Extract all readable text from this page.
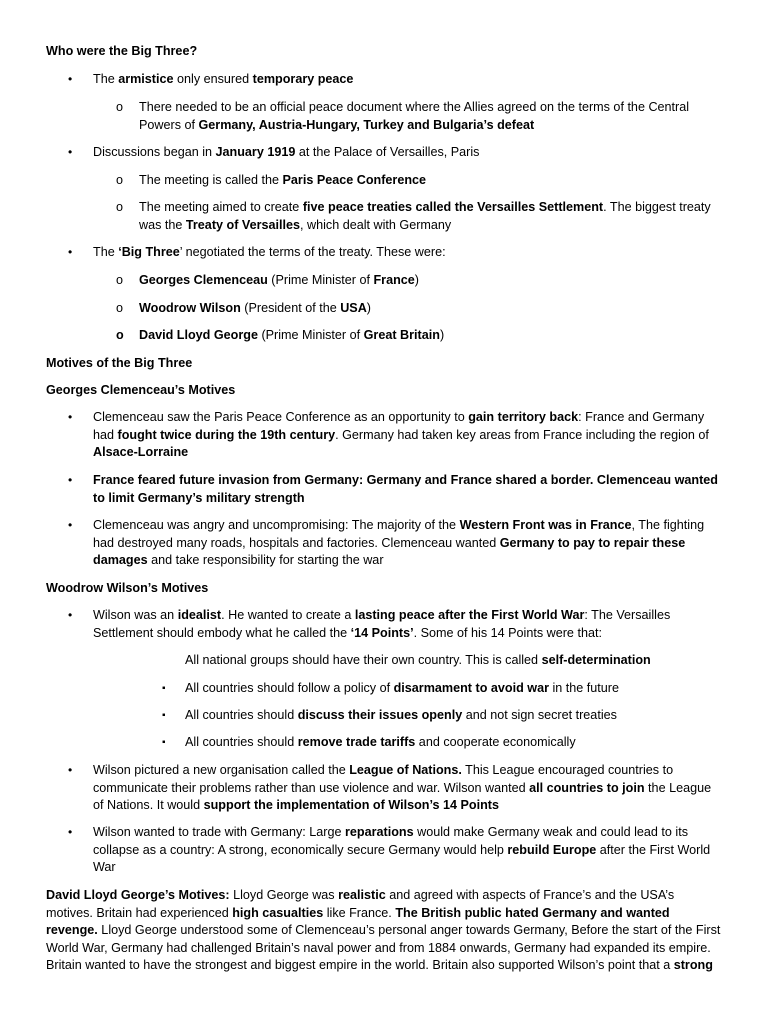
Who were the Big Three?
• The armistice only ensured temporary peace
o There needed to be an official peace document where the Allies agreed on the terms of the Central Powers of Germany, Austria-Hungary, Turkey and Bulgaria’s defeat
• Discussions began in January 1919 at the Palace of Versailles, Paris
o The meeting is called the Paris Peace Conference
o The meeting aimed to create five peace treaties called the Versailles Settlement. The biggest treaty was the Treaty of Versailles, which dealt with Germany
• The ‘Big Three’ negotiated the terms of the treaty. These were:
o Georges Clemenceau (Prime Minister of France)
o Woodrow Wilson (President of the USA)
o David Lloyd George (Prime Minister of Great Britain)
Motives of the Big Three
Georges Clemenceau’s Motives
• Clemenceau saw the Paris Peace Conference as an opportunity to gain territory back: France and Germany had fought twice during the 19th century. Germany had taken key areas from France including the region of Alsace-Lorraine
• France feared future invasion from Germany: Germany and France shared a border. Clemenceau wanted to limit Germany’s military strength
• Clemenceau was angry and uncompromising: The majority of the Western Front was in France, The fighting had destroyed many roads, hospitals and factories. Clemenceau wanted Germany to pay to repair these damages and take responsibility for starting the war
Woodrow Wilson’s Motives
• Wilson was an idealist. He wanted to create a lasting peace after the First World War: The Versailles Settlement should embody what he called the ‘14 Points’. Some of his 14 Points were that:
All national groups should have their own country. This is called self-determination
▪ All countries should follow a policy of disarmament to avoid war in the future
▪ All countries should discuss their issues openly and not sign secret treaties
▪ All countries should remove trade tariffs and cooperate economically
• Wilson pictured a new organisation called the League of Nations. This League encouraged countries to communicate their problems rather than use violence and war. Wilson wanted all countries to join the League of Nations. It would support the implementation of Wilson’s 14 Points
• Wilson wanted to trade with Germany: Large reparations would make Germany weak and could lead to its collapse as a country: A strong, economically secure Germany would help rebuild Europe after the First World War
David Lloyd George’s Motives: Lloyd George was realistic and agreed with aspects of France’s and the USA’s motives. Britain had experienced high casualties like France. The British public hated Germany and wanted revenge. Lloyd George understood some of Clemenceau’s personal anger towards Germany, Before the start of the First World War, Germany had challenged Britain’s naval power and from 1884 onwards, Germany had expanded its empire. Britain wanted to have the strongest and biggest empire in the world. Britain also supported Wilson’s point that a strong
